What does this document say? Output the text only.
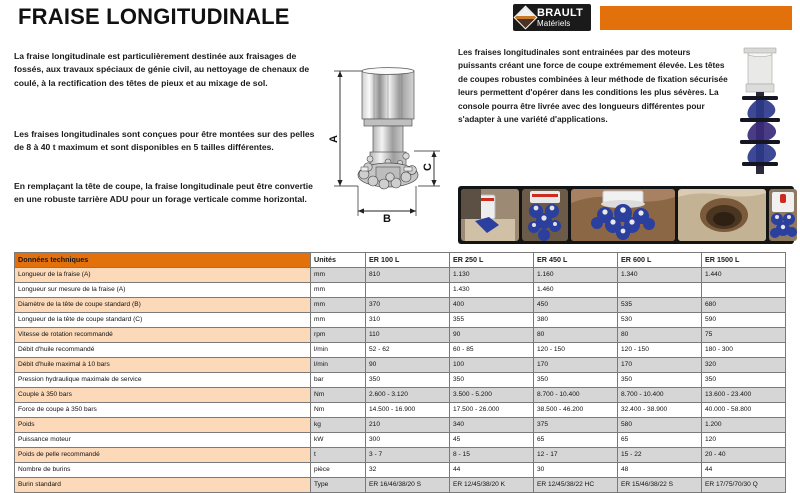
FRAISE LONGITUDINALE	BRAULT
Matériels
La fraise longitudinale est particulièrement destinée aux fraisages de fossés, aux travaux spéciaux de génie civil, au nettoyage de chenaux de coulé, à la rectification des têtes de pieux et au mixage de sol.
Les fraises longitudinales sont conçues pour être montées sur des pelles de 8 à 40 t maximum et sont disponibles en 5 tailles différentes.
En remplaçant la tête de coupe, la fraise longitudinale peut être convertie en une robuste tarrière ADU pour un forage verticale comme horizontal.
A
C
B
Les fraises longitudinales sont entrainées par des moteurs puissants créant une force de coupe extrémement élevée. Les têtes de coupes robustes combinées à leur méthode de fixation sécurisée leurs permettent d'opérer dans les conditions les plus sévères. La console pourra être livrée avec des longueurs différentes pour s'adapter à une variété d'applications.
Données techniques	Unités	ER 100 L	ER 250 L	ER 450 L	ER 600 L	ER 1500 L
Longueur de la fraise (A)	mm	810	1.130	1.160	1.340	1.440
Longueur sur mesure de la fraise (A)	mm		1.430	1.460		
Diamètre de la tête de coupe standard (B)	mm	370	400	450	535	680
Longueur de la tête de coupe standard (C)	mm	310	355	380	530	590
Vitesse de rotation recommandé	rpm	110	90	80	80	75
Débit d'huile recommandé	l/min	52 - 62	60 - 85	120 - 150	120 - 150	180 - 300
Débit d'huile maximal à 10 bars	l/min	90	100	170	170	320
Pression hydraulique maximale de service	bar	350	350	350	350	350
Couple à 350 bars	Nm	2.600 - 3.120	3.500 - 5.200	8.700 - 10.400	8.700 - 10.400	13.600 - 23.400
Force de coupe à 350 bars	Nm	14.500 - 16.900	17.500 - 26.000	38.500 - 46.200	32.400 - 38.900	40.000 - 58.800
Poids	kg	210	340	375	580	1.200
Puissance moteur	kW	300	45	65	65	120
Poids de pelle recommandé	t	3 - 7	8 - 15	12 - 17	15 - 22	20 - 40
Nombre de burins	pièce	32	44	30	48	44
Burin standard	Type	ER 16/46/38/20 S	ER 12/45/38/20 K	ER 12/45/38/22 HC	ER 15/46/38/22 S	ER 17/75/70/30 Q
